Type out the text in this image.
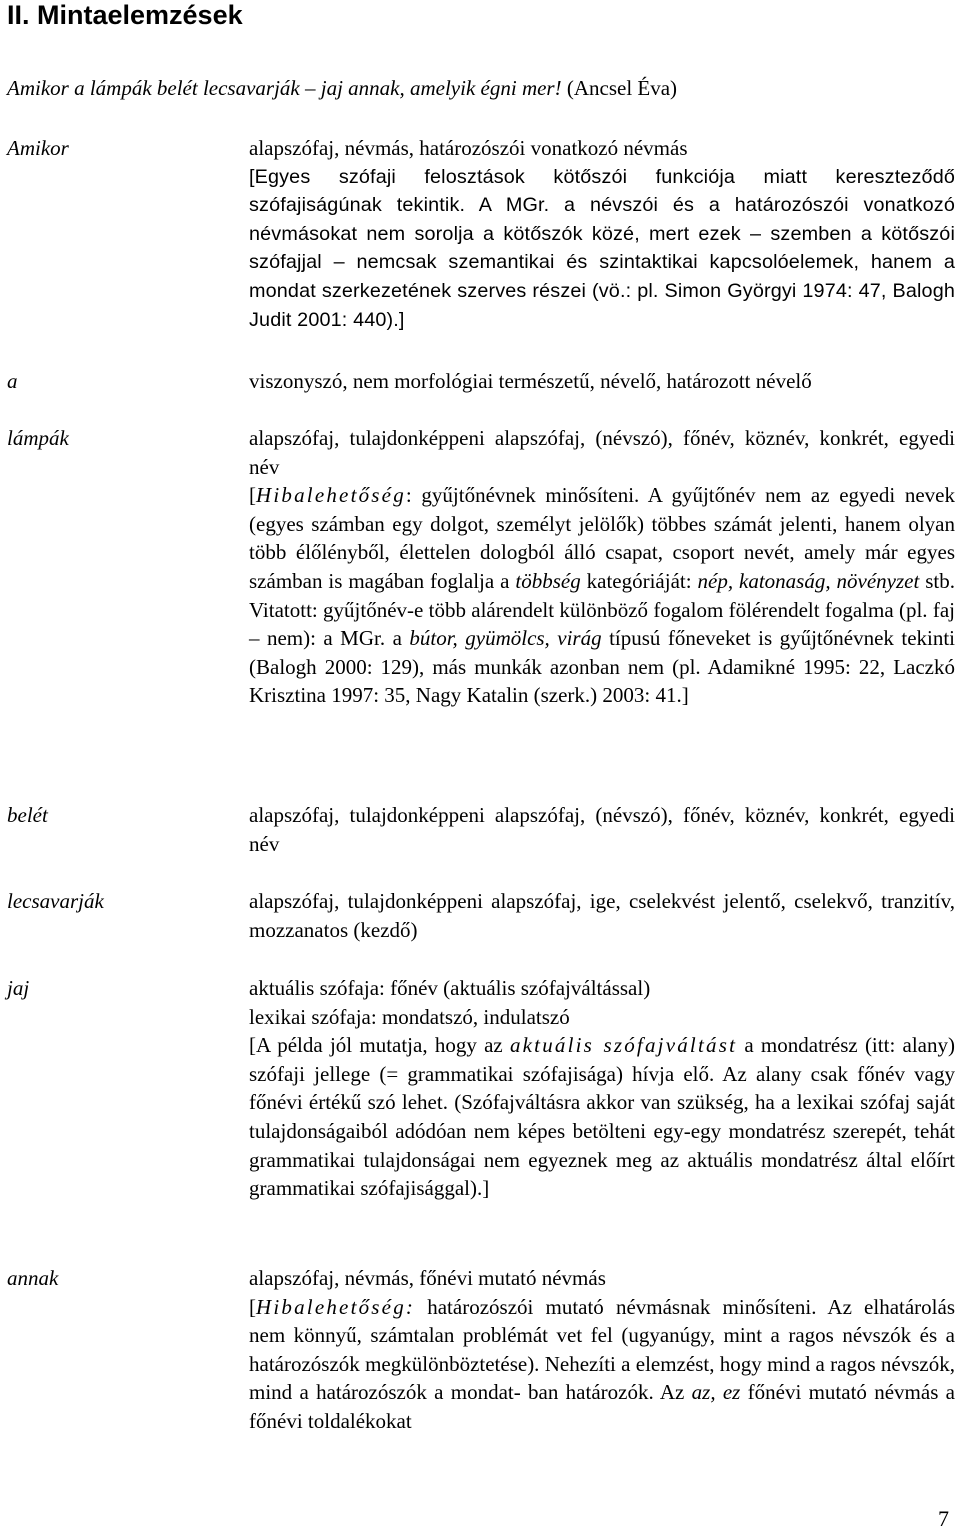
II. Mintaelemzések
Amikor a lámpák belét lecsavarják – jaj annak, amelyik égni mer! (Ancsel Éva)
Amikor	alapszófaj, névmás, határozószói vonatkozó névmás

[Egyes szófaji felosztások kötőszói funkciója miatt kereszteződő szófajiságúnak tekintik. A MGr. a névszói és a határozószói vonatkozó névmásokat nem sorolja a kötőszók közé, mert ezek – szemben a kötőszói szófajjal – nemcsak szemantikai és szintaktikai kapcsolóelemek, hanem a mondat szerkezetének szerves részei (vö.: pl. Simon Györgyi 1974: 47, Balogh Judit 2001: 440).]

a	viszonyszó, nem morfológiai természetű, névelő, határozott névelő

lámpák	alapszófaj, tulajdonképpeni alapszófaj, (névszó), főnév, köznév, konkrét, egyedi név

[Hibalehetőség: gyűjtőnévnek minősíteni. A gyűjtőnév nem az egyedi nevek (egyes számban egy dolgot, személyt jelölők) többes számát jelenti, hanem olyan több élőlényből, élettelen dologból álló csapat, csoport nevét, amely már egyes számban is magában foglalja a többség kategóriáját: nép, katonaság, növényzet stb. Vitatott: gyűjtőnév-e több alárendelt különböző fogalom fölérendelt fogalma (pl. faj – nem): a MGr. a bútor, gyümölcs, virág típusú főneveket is gyűjtőnévnek tekinti (Balogh 2000: 129), más munkák azonban nem (pl. Adamikné 1995: 22, Laczkó Krisztina 1997: 35, Nagy Katalin (szerk.) 2003: 41.]

belét	alapszófaj, tulajdonképpeni alapszófaj, (névszó), főnév, köznév, konkrét, egyedi név

lecsavarják	alapszófaj, tulajdonképpeni alapszófaj, ige, cselekvést jelentő, cselekvő, tranzitív, mozzanatos (kezdő)

jaj	aktuális szófaja: főnév (aktuális szófajváltással)

lexikai szófaja: mondatszó, indulatszó

[A példa jól mutatja, hogy az aktuális szófajváltást a mondatrész (itt: alany) szófaji jellege (= grammatikai szófajisága) hívja elő. Az alany csak főnév vagy főnévi értékű szó lehet. (Szófajváltásra akkor van szükség, ha a lexikai szófaj saját tulajdonságaiból adódóan nem képes betölteni egy-egy mondatrész szerepét, tehát grammatikai tulajdonságai nem egyeznek meg az aktuális mondatrész által előírt grammatikai szófajisággal).]

annak	alapszófaj, névmás, főnévi mutató névmás

[Hibalehetőség: határozószói mutató névmásnak minősíteni. Az elhatárolás nem könnyű, számtalan problémát vet fel (ugyanúgy, mint a ragos névszók és a határozószók megkülönböztetése). Nehezíti a elemzést, hogy mind a ragos névszók, mind a határozószók a mondat- ban határozók. Az az, ez főnévi mutató névmás a főnévi toldalékokat

7
